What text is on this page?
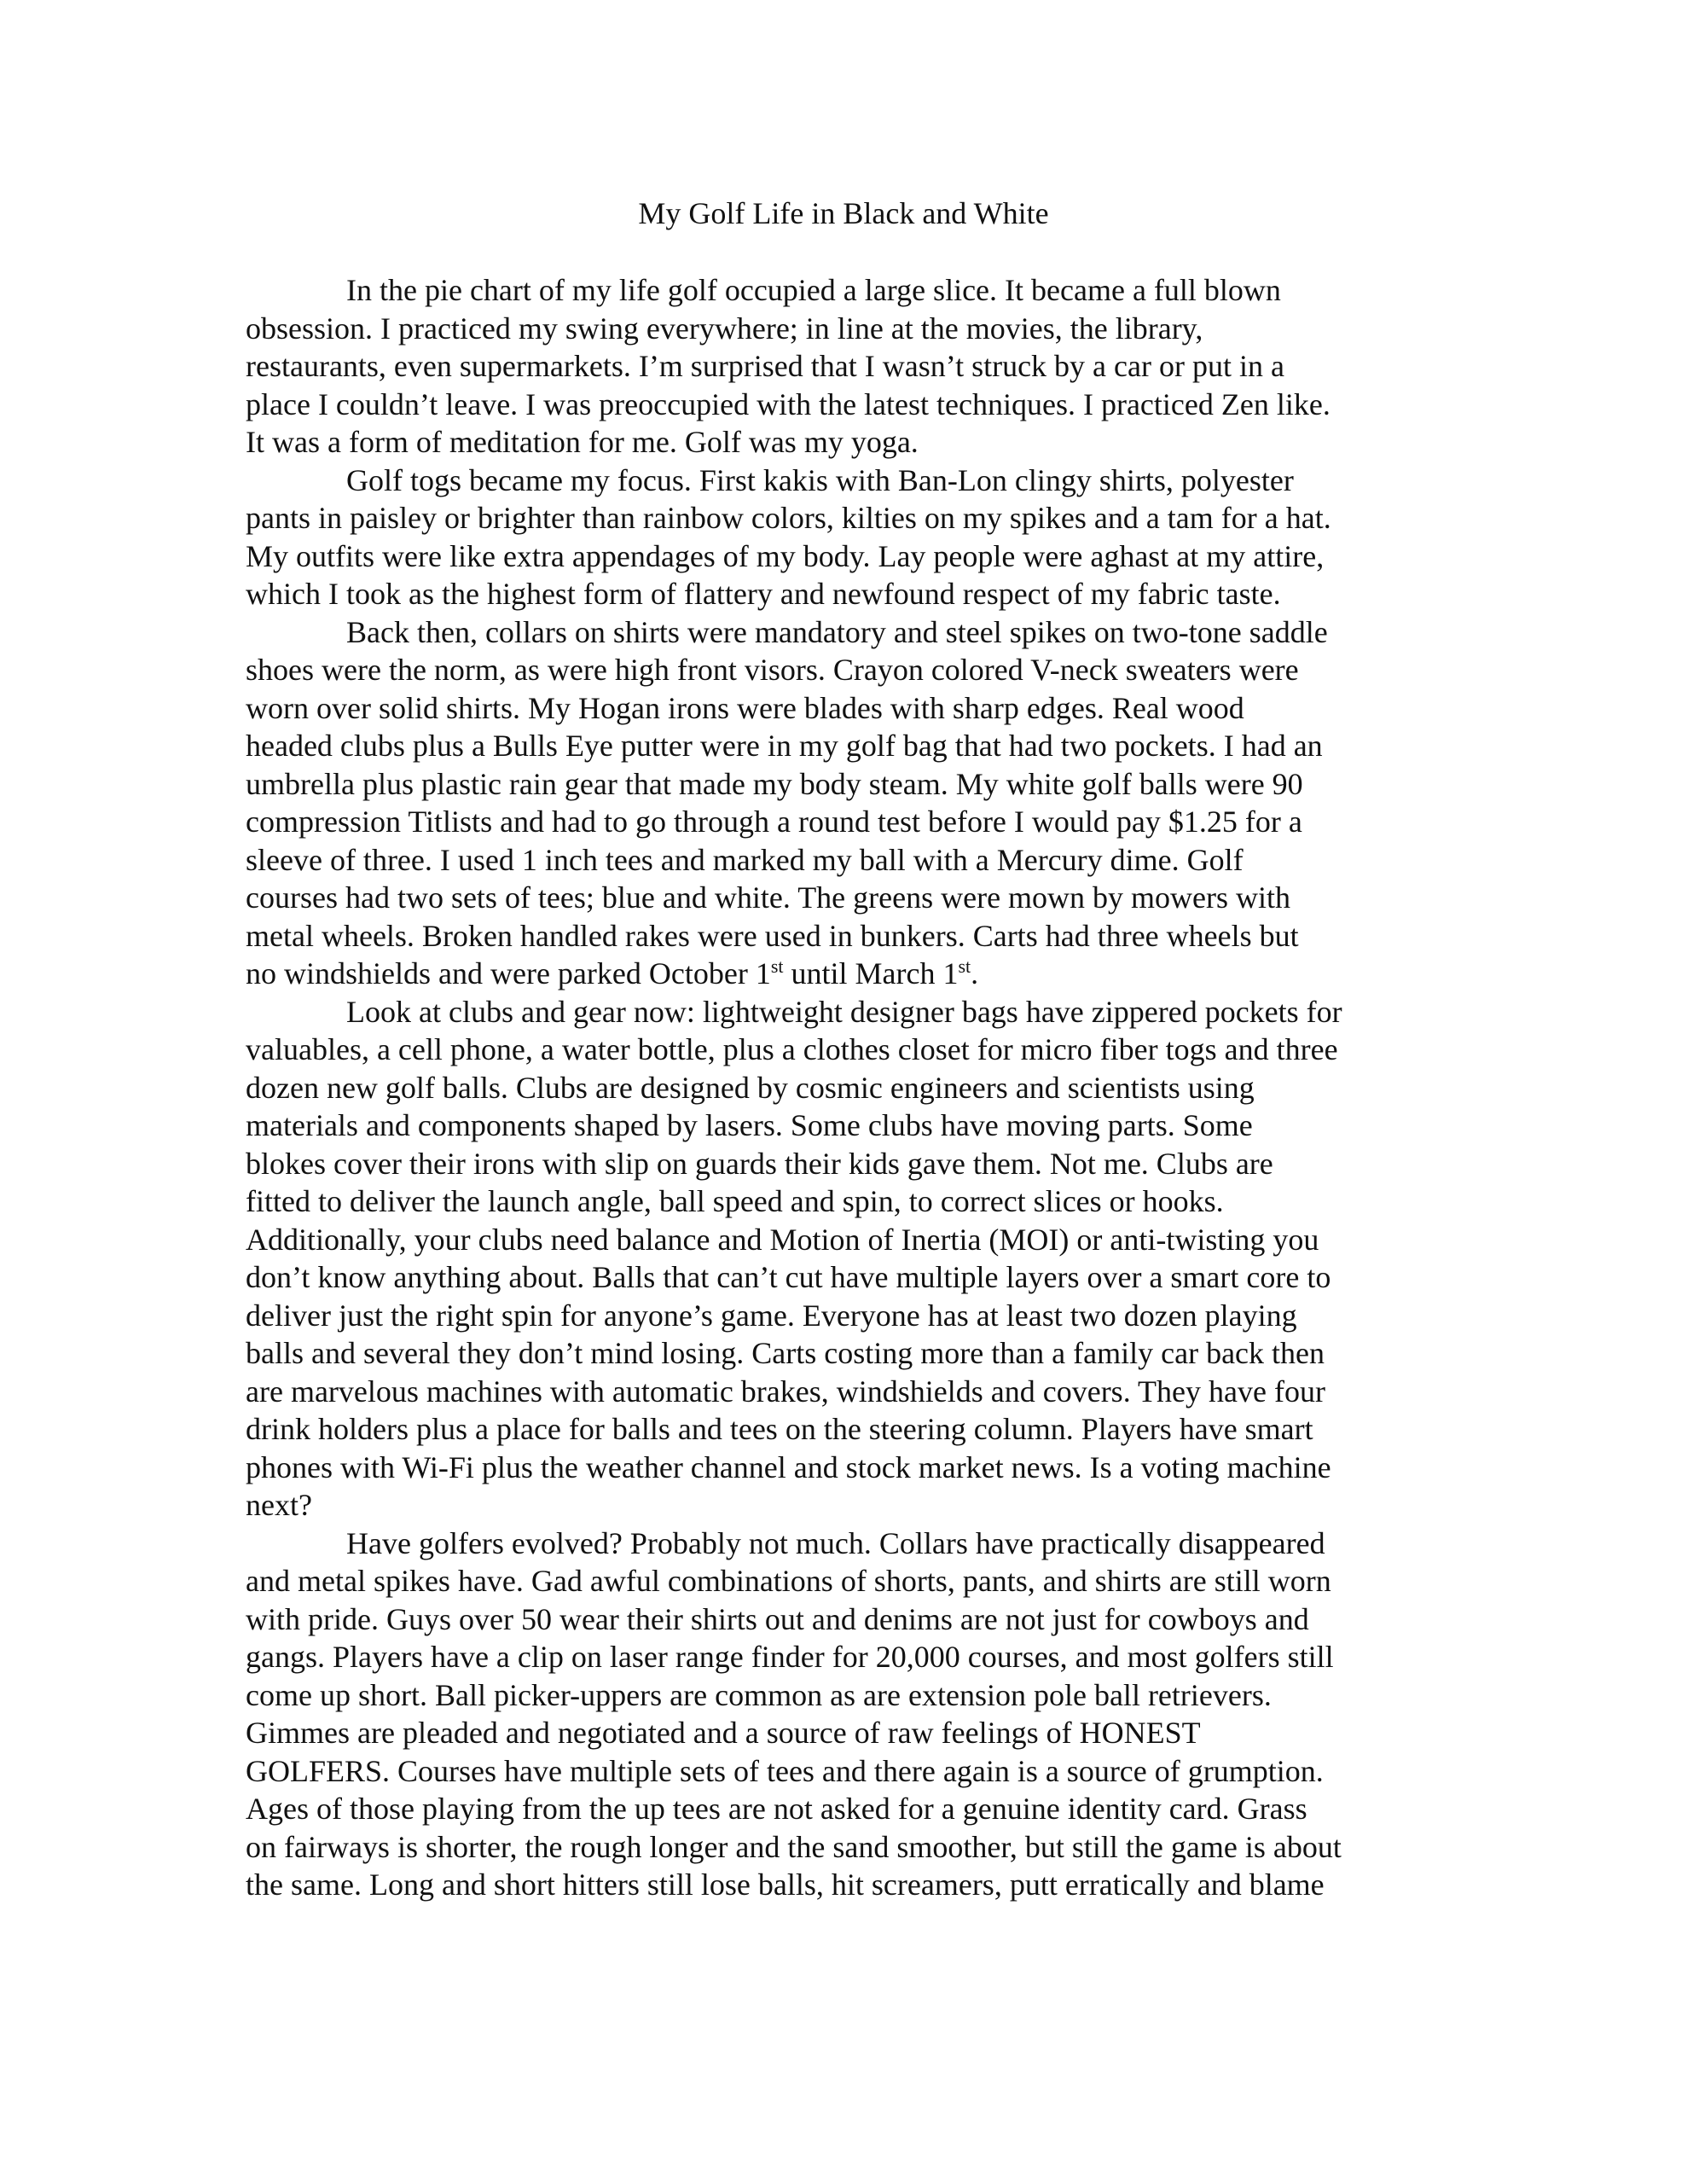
My Golf Life in Black and White

In the pie chart of my life golf occupied a large slice. It became a full blown
obsession. I practiced my swing everywhere; in line at the movies, the library,
restaurants, even supermarkets. I’m surprised that I wasn’t struck by a car or put in a
place I couldn’t leave. I was preoccupied with the latest techniques. I practiced Zen like.
It was a form of meditation for me. Golf was my yoga.

Golf togs became my focus. First kakis with Ban-Lon clingy shirts, polyester
pants in paisley or brighter than rainbow colors, kilties on my spikes and a tam for a hat.
My outfits were like extra appendages of my body. Lay people were aghast at my attire,
which I took as the highest form of flattery and newfound respect of my fabric taste.

Back then, collars on shirts were mandatory and steel spikes on two-tone saddle
shoes were the norm, as were high front visors. Crayon colored V-neck sweaters were
worn over solid shirts. My Hogan irons were blades with sharp edges. Real wood
headed clubs plus a Bulls Eye putter were in my golf bag that had two pockets. I had an
umbrella plus plastic rain gear that made my body steam. My white golf balls were 90
compression Titlists and had to go through a round test before I would pay $1.25 for a
sleeve of three. I used 1 inch tees and marked my ball with a Mercury dime. Golf
courses had two sets of tees; blue and white. The greens were mown by mowers with
metal wheels. Broken handled rakes were used in bunkers. Carts had three wheels but
no windshields and were parked October 1st until March 1st.

Look at clubs and gear now: lightweight designer bags have zippered pockets for
valuables, a cell phone, a water bottle, plus a clothes closet for micro fiber togs and three
dozen new golf balls. Clubs are designed by cosmic engineers and scientists using
materials and components shaped by lasers. Some clubs have moving parts. Some
blokes cover their irons with slip on guards their kids gave them. Not me. Clubs are
fitted to deliver the launch angle, ball speed and spin, to correct slices or hooks.
Additionally, your clubs need balance and Motion of Inertia (MOI) or anti-twisting you
don’t know anything about. Balls that can’t cut have multiple layers over a smart core to
deliver just the right spin for anyone’s game. Everyone has at least two dozen playing
balls and several they don’t mind losing. Carts costing more than a family car back then
are marvelous machines with automatic brakes, windshields and covers. They have four
drink holders plus a place for balls and tees on the steering column. Players have smart
phones with Wi-Fi plus the weather channel and stock market news. Is a voting machine
next?

Have golfers evolved? Probably not much. Collars have practically disappeared
and metal spikes have. Gad awful combinations of shorts, pants, and shirts are still worn
with pride. Guys over 50 wear their shirts out and denims are not just for cowboys and
gangs. Players have a clip on laser range finder for 20,000 courses, and most golfers still
come up short. Ball picker-uppers are common as are extension pole ball retrievers.
Gimmes are pleaded and negotiated and a source of raw feelings of HONEST
GOLFERS. Courses have multiple sets of tees and there again is a source of grumption.
Ages of those playing from the up tees are not asked for a genuine identity card. Grass
on fairways is shorter, the rough longer and the sand smoother, but still the game is about
the same. Long and short hitters still lose balls, hit screamers, putt erratically and blame
